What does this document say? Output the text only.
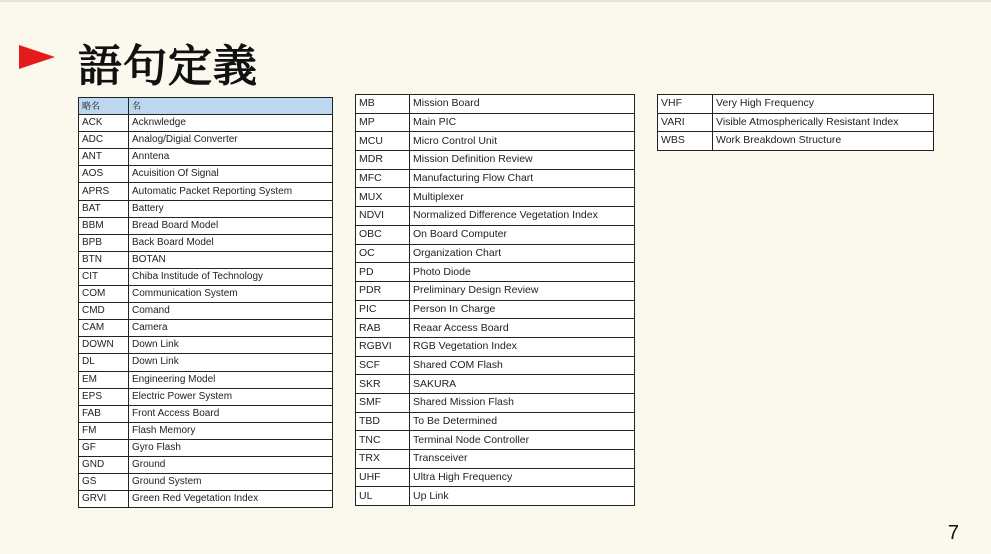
語句定義
略名	名
ACK	Acknwledge
ADC	Analog/Digial Converter
ANT	Anntena
AOS	Acuisition Of Signal
APRS	Automatic Packet Reporting System
BAT	Battery
BBM	Bread Board Model
BPB	Back Board Model
BTN	BOTAN
CIT	Chiba Institude of Technology
COM	Communication System
CMD	Comand
CAM	Camera
DOWN	Down Link
DL	Down Link
EM	Engineering Model
EPS	Electric Power System
FAB	Front Access Board
FM	Flash Memory
GF	Gyro Flash
GND	Ground
GS	Ground System
GRVI	Green Red Vegetation Index
MB	Mission Board
MP	Main PIC
MCU	Micro Control Unit
MDR	Mission Definition Review
MFC	Manufacturing Flow Chart
MUX	Multiplexer
NDVI	Normalized Difference Vegetation Index
OBC	On Board Computer
OC	Organization Chart
PD	Photo Diode
PDR	Preliminary Design Review
PIC	Person In Charge
RAB	Reaar Access Board
RGBVI	RGB Vegetation Index
SCF	Shared COM Flash
SKR	SAKURA
SMF	Shared Mission Flash
TBD	To Be Determined
TNC	Terminal Node Controller
TRX	Transceiver
UHF	Ultra High Frequency
UL	Up Link
VHF	Very High Frequency
VARI	Visible Atmospherically Resistant Index
WBS	Work Breakdown Structure
7
